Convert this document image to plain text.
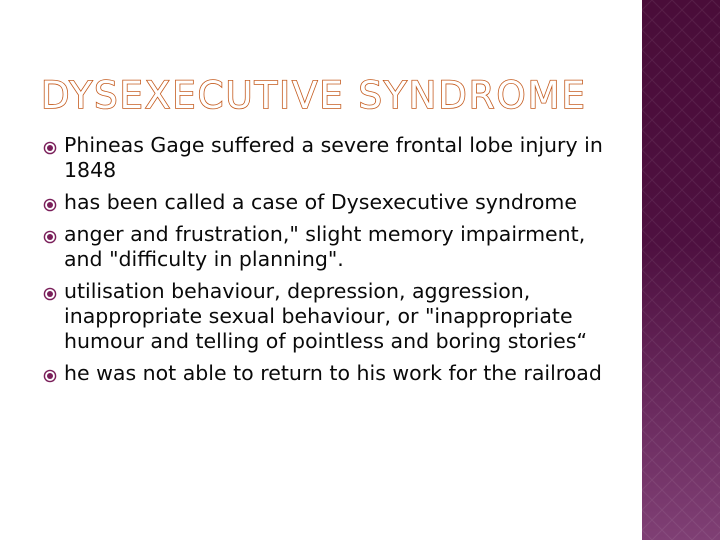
DYSEXECUTIVE SYNDROME
Phineas Gage suffered a severe frontal lobe injury in 1848
has been called a case of Dysexecutive syndrome
anger and frustration," slight memory impairment, and "difficulty in planning".
utilisation behaviour, depression, aggression, inappropriate sexual behaviour, or "inappropriate humour and telling of pointless and boring stories“
he was not able to return to his work for the railroad
